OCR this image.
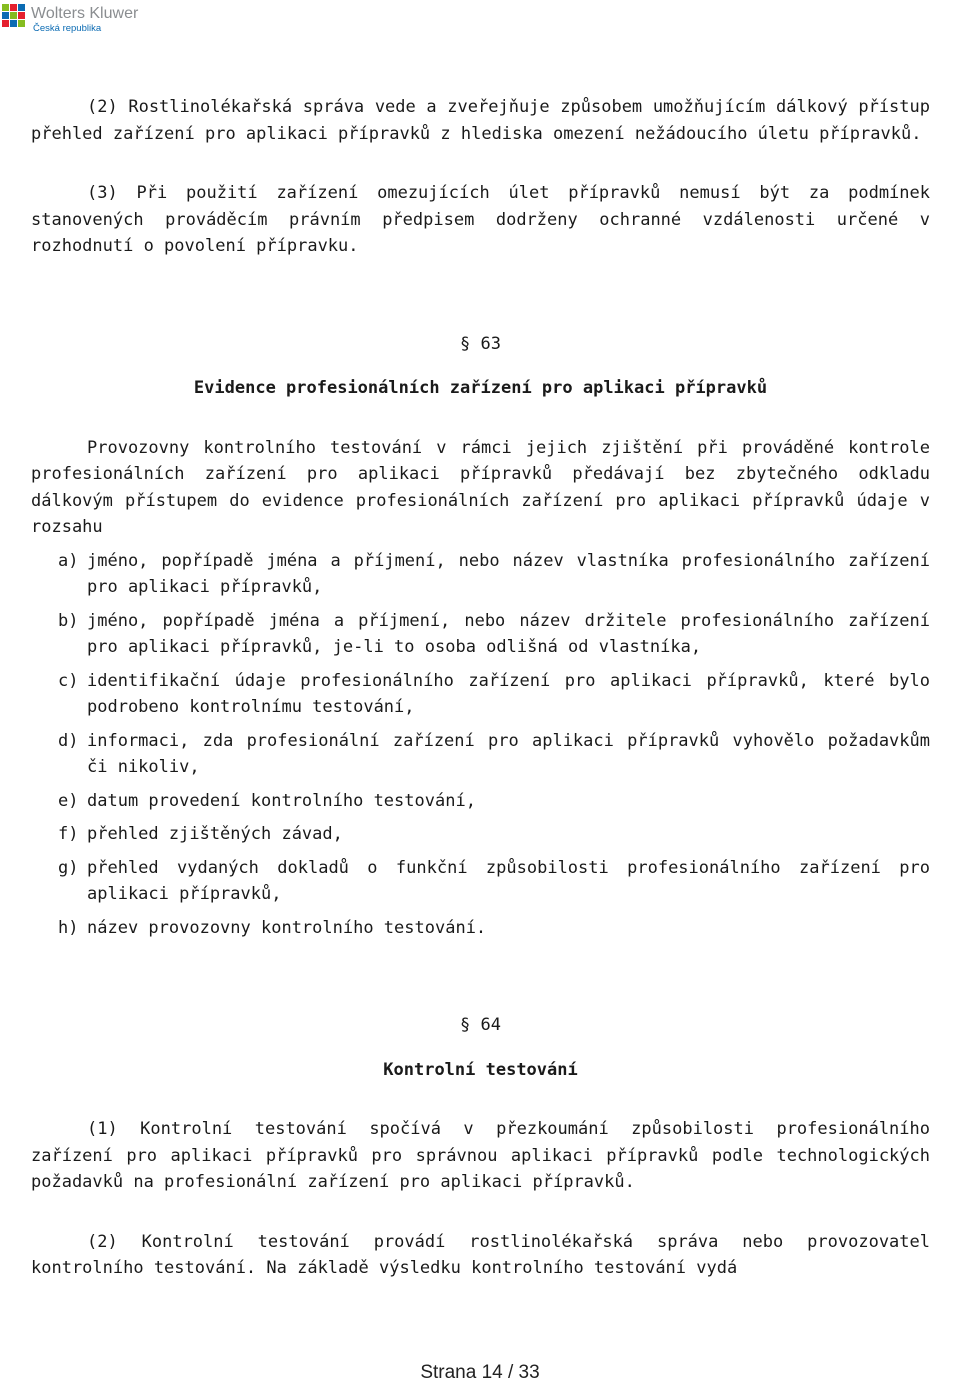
Wolters Kluwer
Česká republika

(2) Rostlinolékařská správa vede a zveřejňuje způsobem umožňujícím dálkový přístup přehled zařízení pro aplikaci přípravků z hlediska omezení nežádoucího úletu přípravků.

(3) Při použití zařízení omezujících úlet přípravků nemusí být za podmínek stanovených prováděcím právním předpisem dodrženy ochranné vzdálenosti určené v rozhodnutí o povolení přípravku.

§ 63

Evidence profesionálních zařízení pro aplikaci přípravků

Provozovny kontrolního testování v rámci jejich zjištění při prováděné kontrole profesionálních zařízení pro aplikaci přípravků předávají bez zbytečného odkladu dálkovým přístupem do evidence profesionálních zařízení pro aplikaci přípravků údaje v rozsahu

a) jméno, popřípadě jména a příjmení, nebo název vlastníka profesionálního zařízení pro aplikaci přípravků,
b) jméno, popřípadě jména a příjmení, nebo název držitele profesionálního zařízení pro aplikaci přípravků, je-li to osoba odlišná od vlastníka,
c) identifikační údaje profesionálního zařízení pro aplikaci přípravků, které bylo podrobeno kontrolnímu testování,
d) informaci, zda profesionální zařízení pro aplikaci přípravků vyhovělo požadavkům či nikoliv,
e) datum provedení kontrolního testování,
f) přehled zjištěných závad,
g) přehled vydaných dokladů o funkční způsobilosti profesionálního zařízení pro aplikaci přípravků,
h) název provozovny kontrolního testování.

§ 64

Kontrolní testování

(1) Kontrolní testování spočívá v přezkoumání způsobilosti profesionálního zařízení pro aplikaci přípravků pro správnou aplikaci přípravků podle technologických požadavků na profesionální zařízení pro aplikaci přípravků.

(2) Kontrolní testování provádí rostlinolékařská správa nebo provozovatel kontrolního testování. Na základě výsledku kontrolního testování vydá

Strana 14 / 33
